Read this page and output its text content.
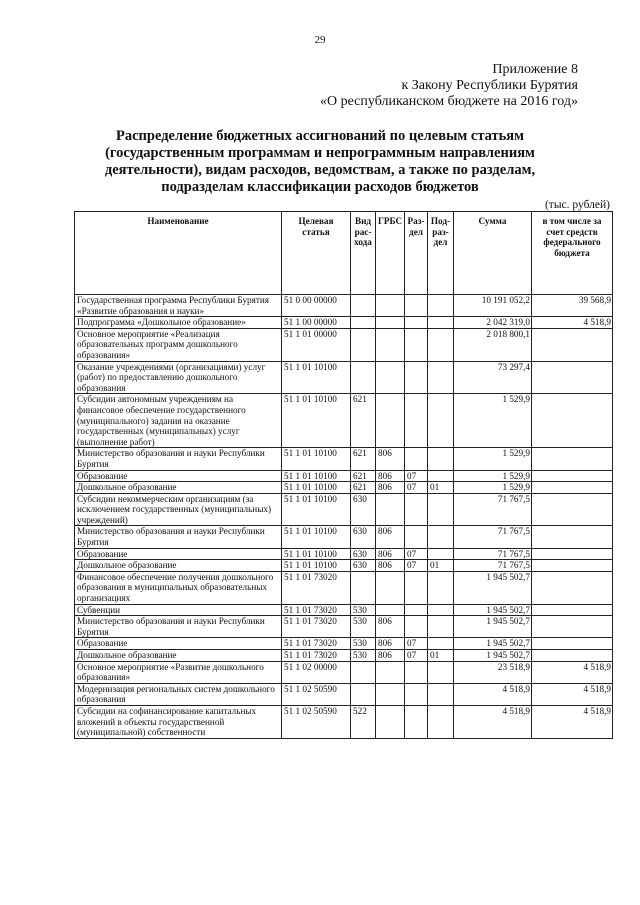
29
Приложение 8
к Закону Республики Бурятия
«О республиканском бюджете на 2016 год»
Распределение бюджетных ассигнований по целевым статьям (государственным программам и непрограммным направлениям деятельности), видам расходов, ведомствам, а также по разделам, подразделам классификации расходов бюджетов
(тыс. рублей)
Наименование	Целевая статья	Вид рас-хода	ГРБС	Раз-дел	Под-раз-дел	Сумма	в том числе за счет средств федерального бюджета
Государственная программа Республики Бурятия «Развитие образования и науки»	51 0 00 00000					10 191 052,2	39 568,9
Подпрограмма «Дошкольное образование»	51 1 00 00000					2 042 319,0	4 518,9
Основное мероприятие «Реализация образовательных программ дошкольного образования»	51 1 01 00000					2 018 800,1	
Оказание учреждениями (организациями) услуг (работ) по предоставлению дошкольного образования	51 1 01 10100					73 297,4	
Субсидии автономным учреждениям на финансовое обеспечение государственного (муниципального) задания на оказание государственных (муниципальных) услуг (выполнение работ)	51 1 01 10100	621				1 529,9	
Министерство образования и науки Республики Бурятия	51 1 01 10100	621	806			1 529,9	
Образование	51 1 01 10100	621	806	07		1 529,9	
Дошкольное образование	51 1 01 10100	621	806	07	01	1 529,9	
Субсидии некоммерческим организациям (за исключением государственных (муниципальных) учреждений)	51 1 01 10100	630				71 767,5	
Министерство образования и науки Республики Бурятия	51 1 01 10100	630	806			71 767,5	
Образование	51 1 01 10100	630	806	07		71 767,5	
Дошкольное образование	51 1 01 10100	630	806	07	01	71 767,5	
Финансовое обеспечение получения дошкольного образования в муниципальных образовательных организациях	51 1 01 73020					1 945 502,7	
Субвенции	51 1 01 73020	530				1 945 502,7	
Министерство образования и науки Республики Бурятия	51 1 01 73020	530	806			1 945 502,7	
Образование	51 1 01 73020	530	806	07		1 945 502,7	
Дошкольное образование	51 1 01 73020	530	806	07	01	1 945 502,7	
Основное мероприятие «Развитие дошкольного образования»	51 1 02 00000					23 518,9	4 518,9
Модернизация региональных систем дошкольного образования	51 1 02 50590					4 518,9	4 518,9
Субсидии на софинансирование капитальных вложений в объекты государственной (муниципальной) собственности	51 1 02 50590	522				4 518,9	4 518,9
